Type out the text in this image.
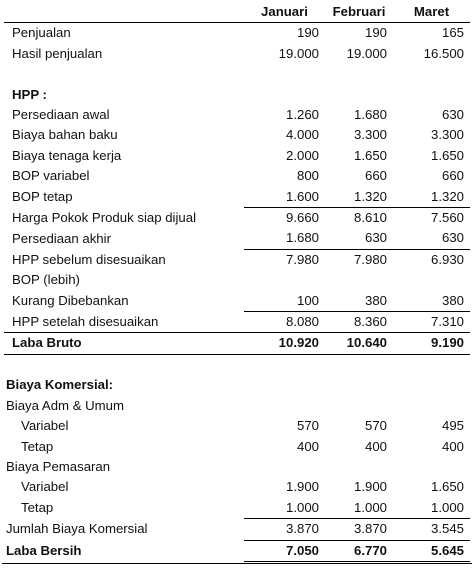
	Januari	Februari	Maret
Penjualan	190	190	165
Hasil penjualan	19.000	19.000	16.500

HPP :			
Persediaan awal	1.260	1.680	630
Biaya bahan baku	4.000	3.300	3.300
Biaya tenaga kerja	2.000	1.650	1.650
BOP variabel	800	660	660
BOP tetap	1.600	1.320	1.320
Harga Pokok Produk siap dijual	9.660	8.610	7.560
Persediaan akhir	1.680	630	630
HPP sebelum disesuaikan	7.980	7.980	6.930
BOP (lebih)			
Kurang Dibebankan	100	380	380
HPP setelah disesuaikan	8.080	8.360	7.310
Laba Bruto	10.920	10.640	9.190

Biaya Komersial:			
Biaya Adm & Umum			
Variabel	570	570	495
Tetap	400	400	400
Biaya Pemasaran			
Variabel	1.900	1.900	1.650
Tetap	1.000	1.000	1.000
Jumlah Biaya Komersial	3.870	3.870	3.545
Laba Bersih	7.050	6.770	5.645
